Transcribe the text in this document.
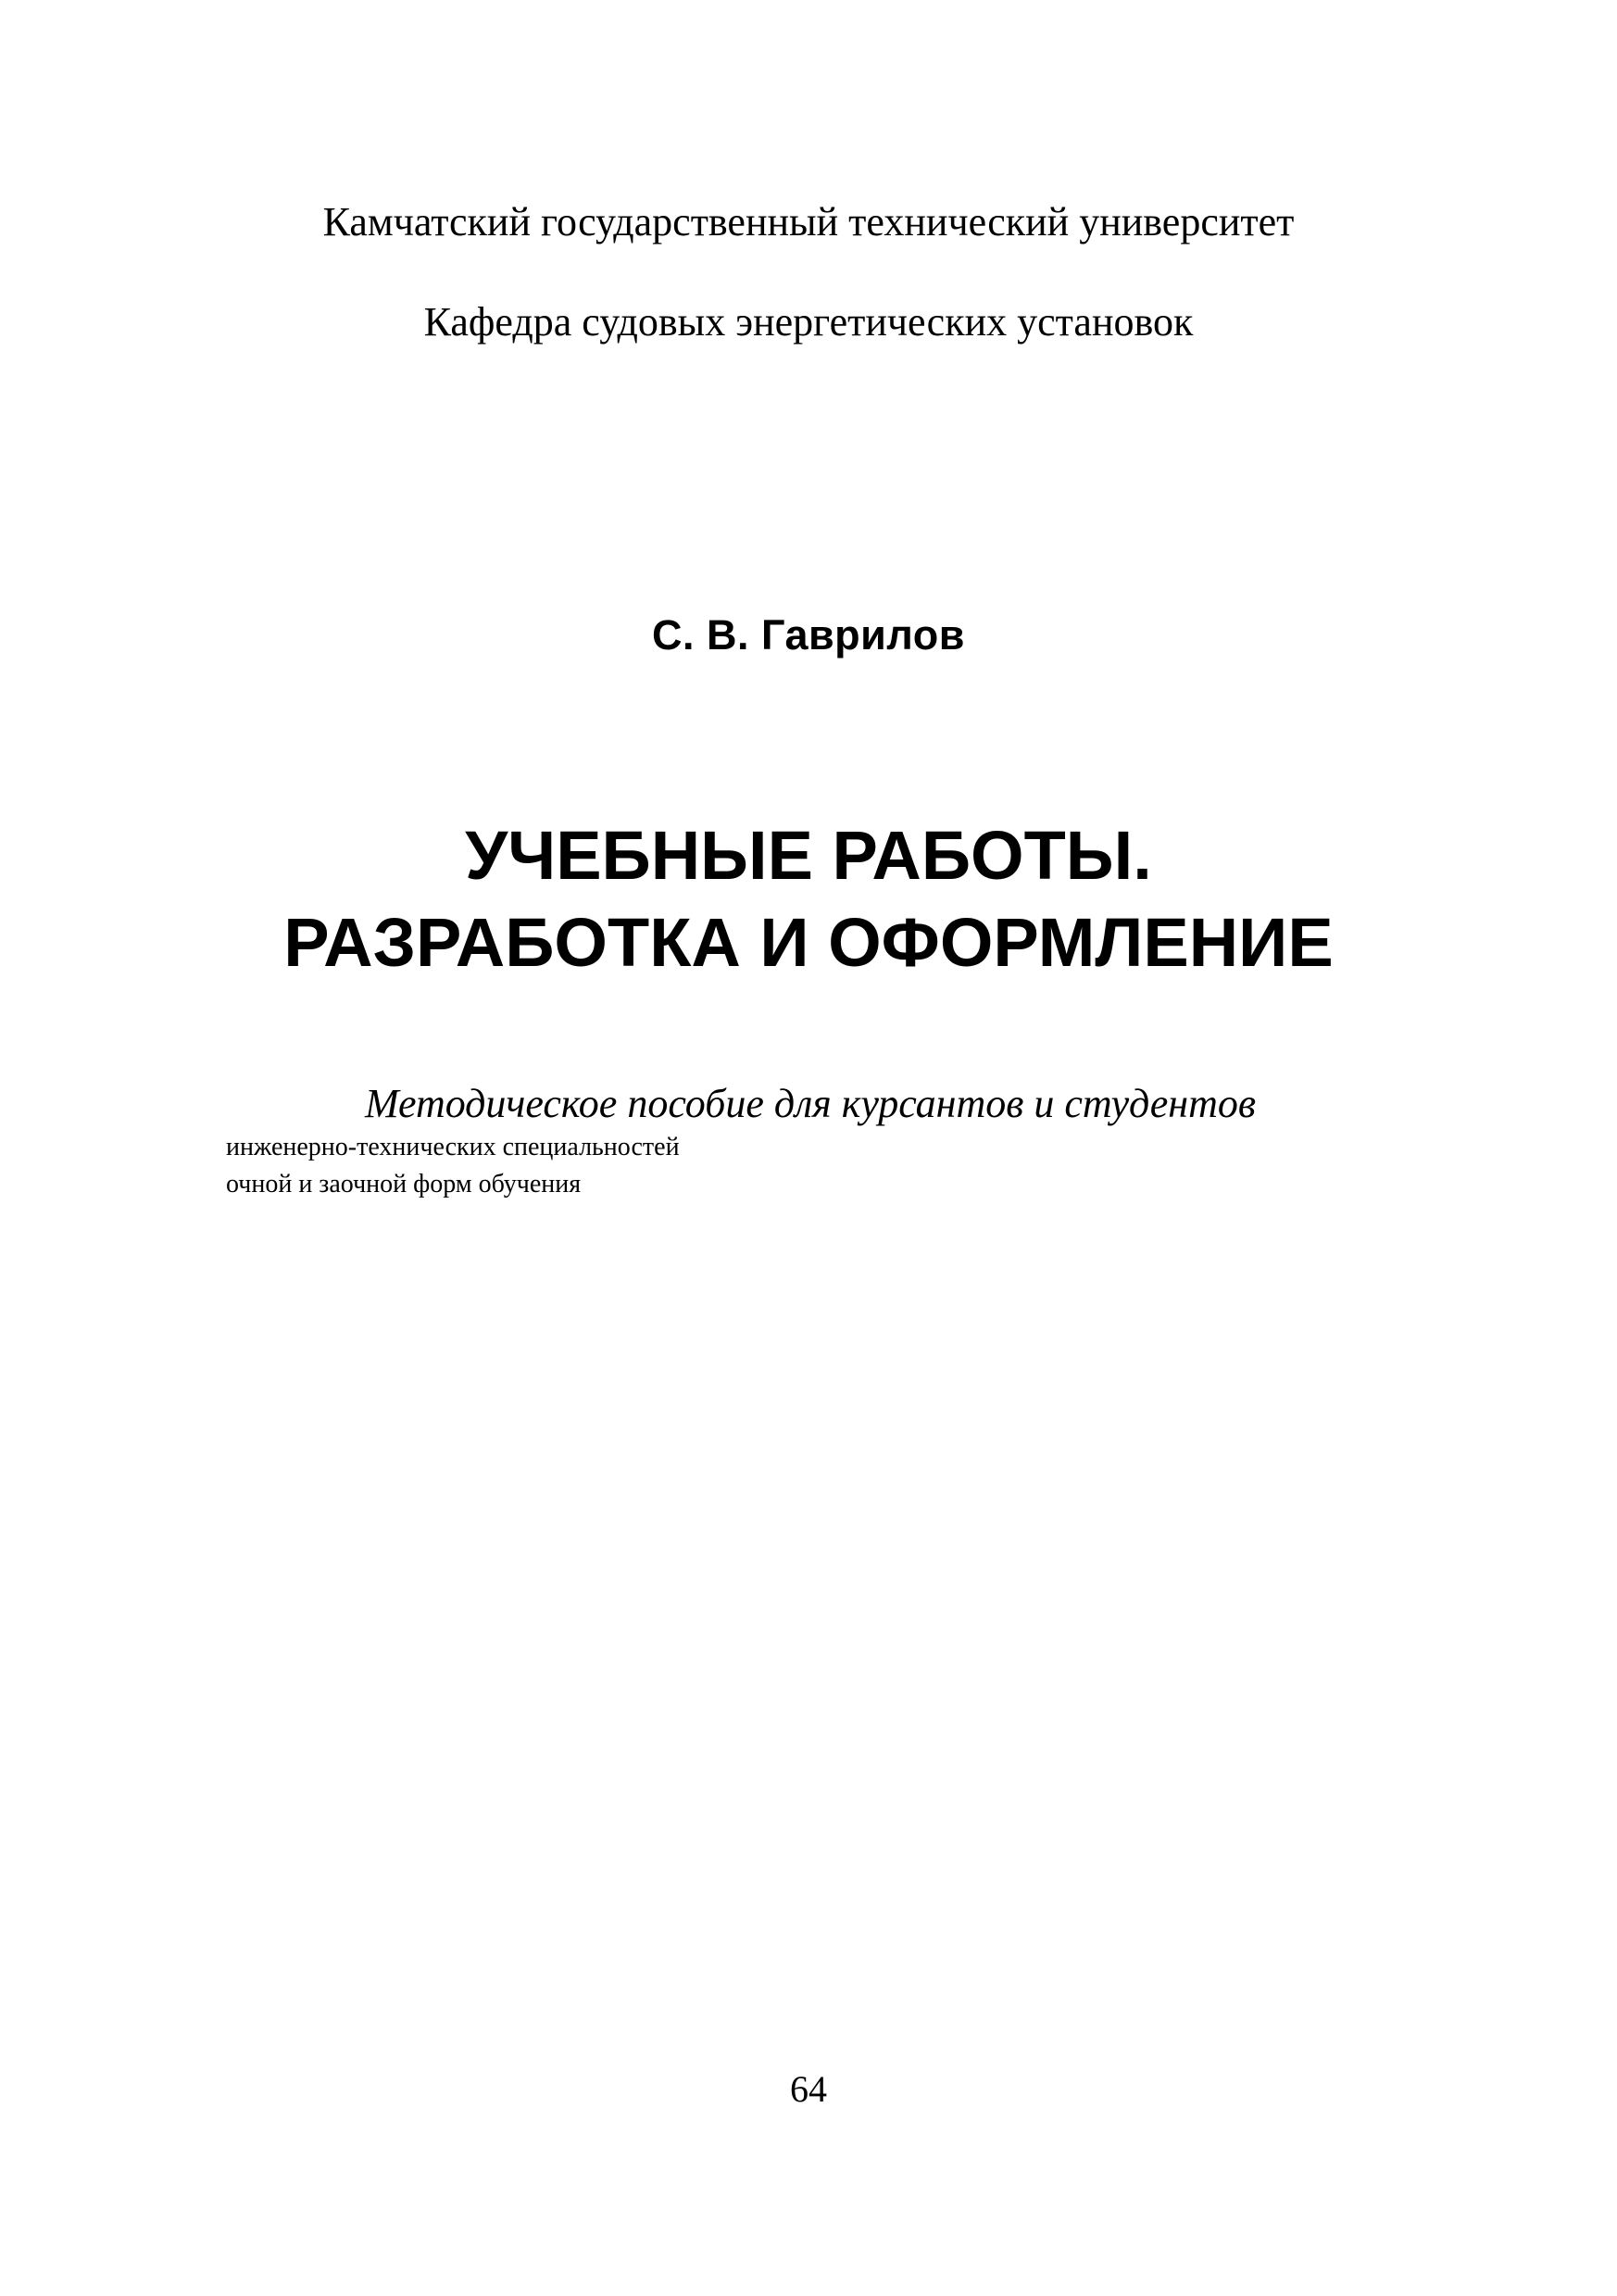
Камчатский государственный технический университет
Кафедра судовых энергетических установок
С. В. Гаврилов
УЧЕБНЫЕ РАБОТЫ.
РАЗРАБОТКА И ОФОРМЛЕНИЕ
Методическое пособие для курсантов и студентов
инженерно-технических специальностей
очной и заочной форм обучения
64
